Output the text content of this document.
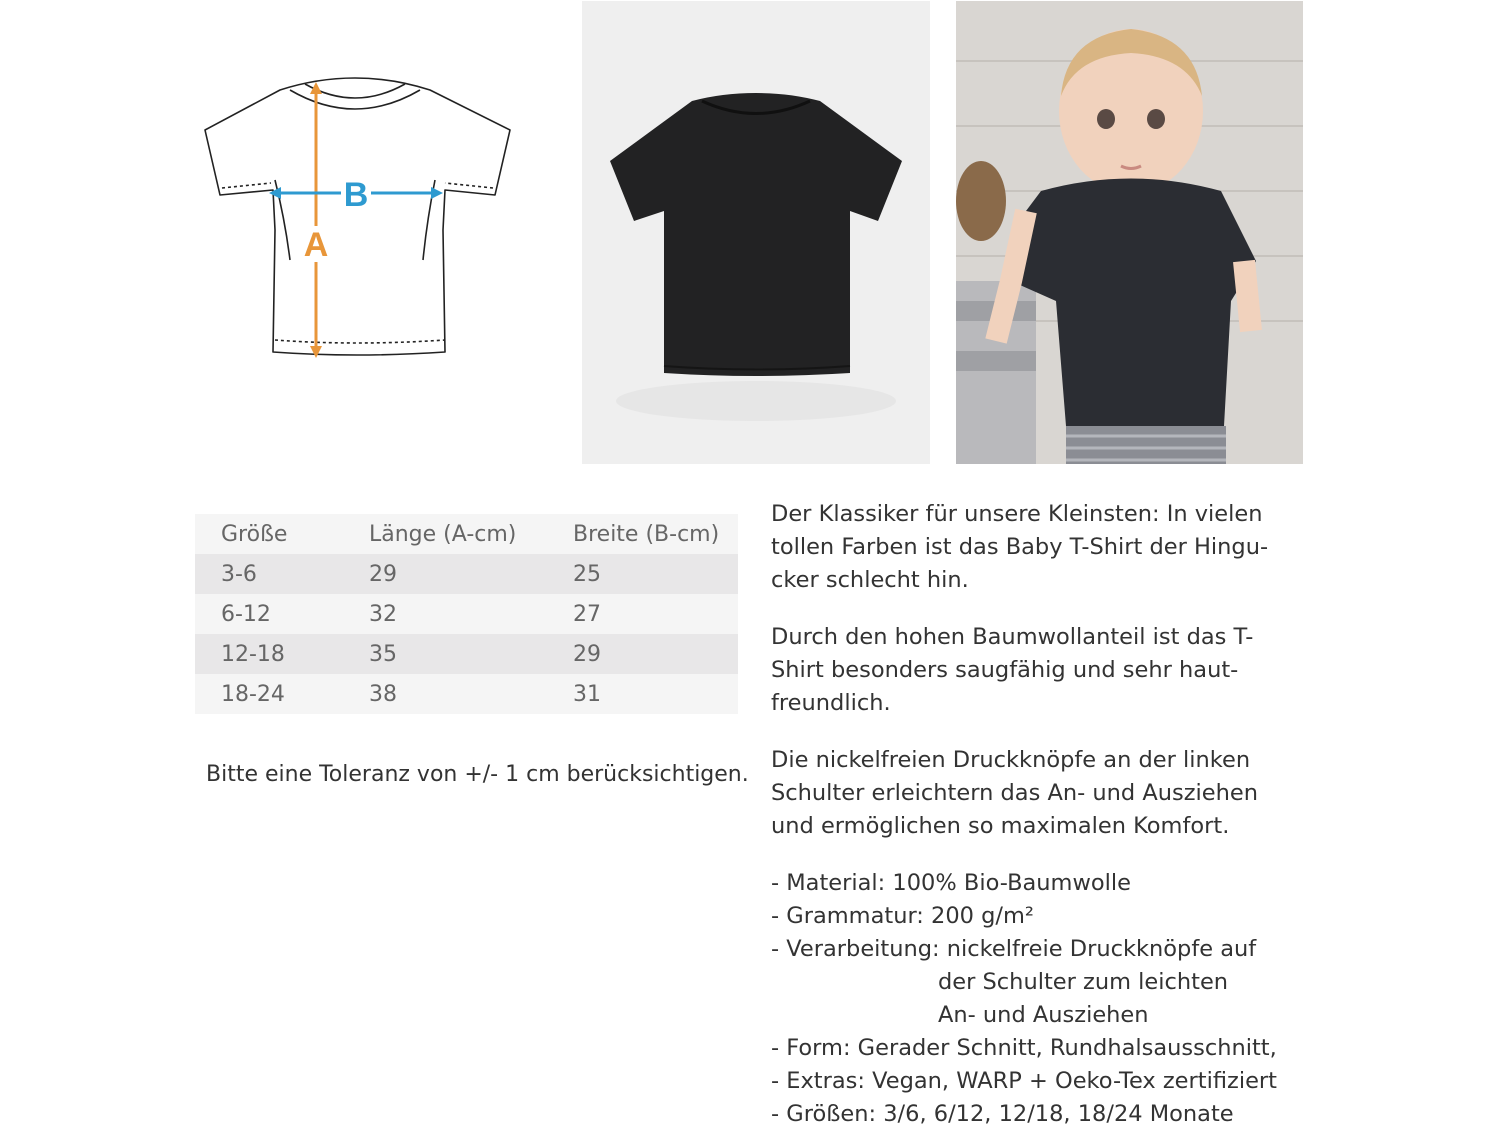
A
B
Größe	Länge (A-cm)	Breite (B-cm)
3-6	29	25
6-12	32	27
12-18	35	29
18-24	38	31
Bitte eine Toleranz von +/- 1 cm berücksichtigen.

Der Klassiker für unsere Kleinsten: In vielen tollen Farben ist das Baby T-Shirt der Hingu-cker schlecht hin.

Durch den hohen Baumwollanteil ist das T-Shirt besonders saugfähig und sehr haut-freundlich.

Die nickelfreien Druckknöpfe an der linken Schulter erleichtern das An- und Ausziehen und ermöglichen so maximalen Komfort.

- Material: 100% Bio-Baumwolle
- Grammatur: 200 g/m²
- Verarbeitung: nickelfreie Druckknöpfe auf
der Schulter zum leichten
An- und Ausziehen
- Form: Gerader Schnitt, Rundhalsausschnitt,
- Extras: Vegan, WARP + Oeko-Tex zertifiziert
- Größen: 3/6, 6/12, 12/18, 18/24 Monate
